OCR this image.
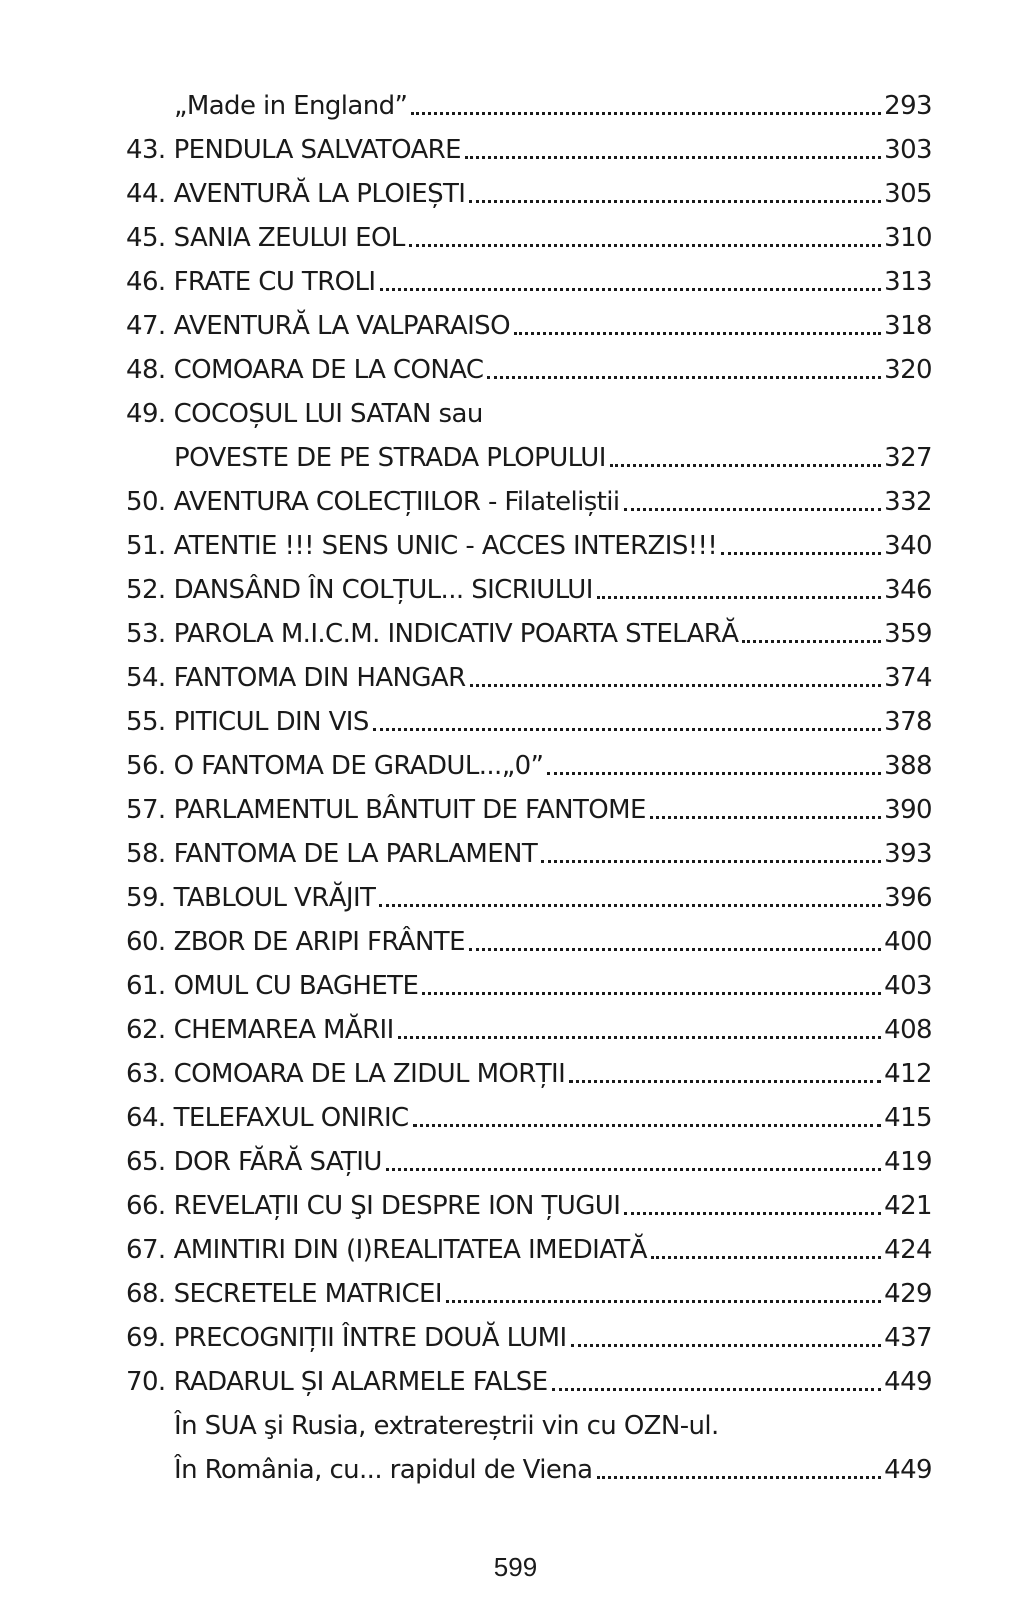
„Made in England”	293
43. PENDULA SALVATOARE	303
44. AVENTURĂ LA PLOIEȘTI	305
45. SANIA ZEULUI EOL	310
46. FRATE CU TROLI	313
47. AVENTURĂ LA VALPARAISO	318
48. COMOARA DE LA CONAC	320
49. COCOȘUL LUI SATAN sau
POVESTE DE PE STRADA PLOPULUI	327
50. AVENTURA COLECȚIILOR - Filateliștii	332
51. ATENTIE !!! SENS UNIC - ACCES INTERZIS!!!	340
52. DANSÂND ÎN COLȚUL... SICRIULUI	346
53. PAROLA M.I.C.M. INDICATIV POARTA STELARĂ	359
54. FANTOMA DIN HANGAR	374
55. PITICUL DIN VIS	378
56. O FANTOMA DE GRADUL...„0”	388
57. PARLAMENTUL BÂNTUIT DE FANTOME	390
58. FANTOMA DE LA PARLAMENT	393
59. TABLOUL VRĂJIT	396
60. ZBOR DE ARIPI FRÂNTE	400
61. OMUL CU BAGHETE	403
62. CHEMAREA MĂRII	408
63. COMOARA DE LA ZIDUL MORȚII	412
64. TELEFAXUL ONIRIC	415
65. DOR FĂRĂ SAȚIU	419
66. REVELAȚII CU ŞI DESPRE ION ȚUGUI	421
67. AMINTIRI DIN (I)REALITATEA IMEDIATĂ	424
68. SECRETELE MATRICEI	429
69. PRECOGNIȚII ÎNTRE DOUĂ LUMI	437
70. RADARUL ȘI ALARMELE FALSE	449
În SUA şi Rusia, extratereștrii vin cu OZN-ul.
În România, cu... rapidul de Viena	449
599
